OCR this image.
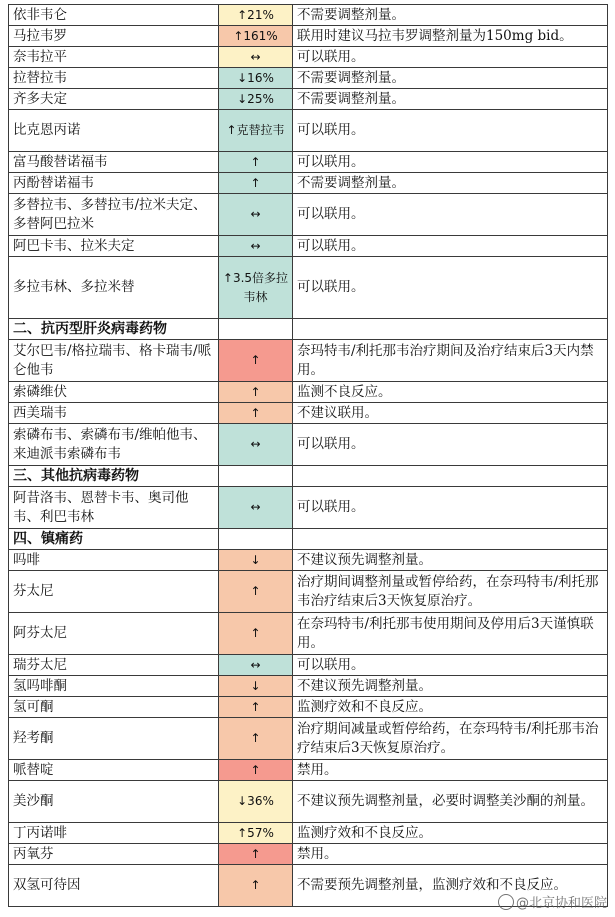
依非韦仑	↑21%	不需要调整剂量。
马拉韦罗	↑161%	联用时建议马拉韦罗调整剂量为150mg bid。
奈韦拉平	↔	可以联用。
拉替拉韦	↓16%	不需要调整剂量。
齐多夫定	↓25%	不需要调整剂量。
比克恩丙诺	↑克替拉韦	可以联用。
富马酸替诺福韦	↑	可以联用。
丙酚替诺福韦	↑	不需要调整剂量。
多替拉韦、多替拉韦/拉米夫定、多替阿巴拉米	↔	可以联用。
阿巴卡韦、拉米夫定	↔	可以联用。
多拉韦林、多拉米替	↑3.5倍多拉韦林	可以联用。
二、抗丙型肝炎病毒药物		
艾尔巴韦/格拉瑞韦、格卡瑞韦/哌仑他韦	↑	奈玛特韦/利托那韦治疗期间及治疗结束后3天内禁用。
索磷维伏	↑	监测不良反应。
西美瑞韦	↑	不建议联用。
索磷布韦、索磷布韦/维帕他韦、来迪派韦索磷布韦	↔	可以联用。
三、其他抗病毒药物		
阿昔洛韦、恩替卡韦、奥司他韦、利巴韦林	↔	可以联用。
四、镇痛药		
吗啡	↓	不建议预先调整剂量。
芬太尼	↑	治疗期间调整剂量或暂停给药，在奈玛特韦/利托那韦治疗结束后3天恢复原治疗。
阿芬太尼	↑	在奈玛特韦/利托那韦使用期间及停用后3天谨慎联用。
瑞芬太尼	↔	可以联用。
氢吗啡酮	↓	不建议预先调整剂量。
氢可酮	↑	监测疗效和不良反应。
羟考酮	↑	治疗期间减量或暂停给药，在奈玛特韦/利托那韦治疗结束后3天恢复原治疗。
哌替啶	↑	禁用。
美沙酮	↓36%	不建议预先调整剂量，必要时调整美沙酮的剂量。
丁丙诺啡	↑57%	监测疗效和不良反应。
丙氧芬	↑	禁用。
双氢可待因	↑	不需要预先调整剂量，监测疗效和不良反应。
@北京协和医院
